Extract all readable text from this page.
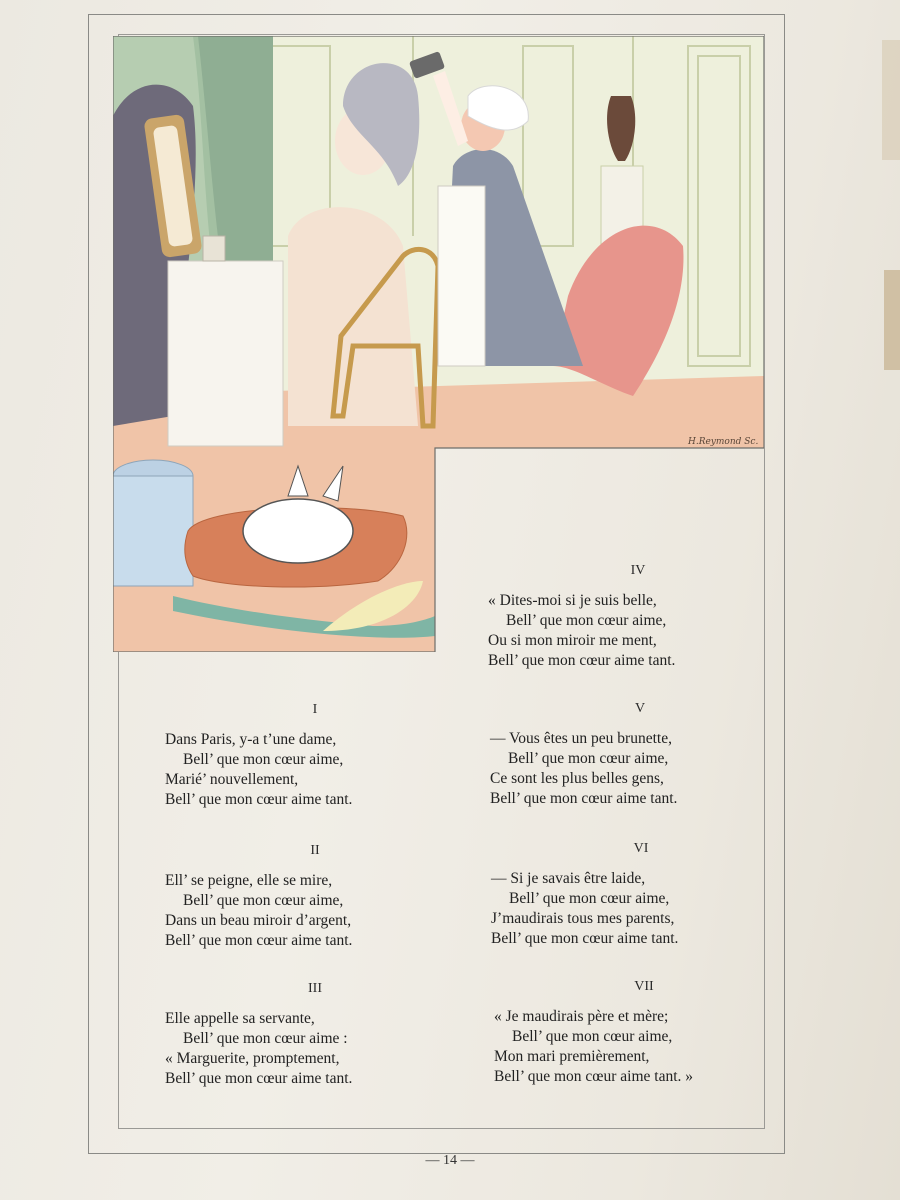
H.Reymond Sc.
I
Dans Paris, y-a t’une dame,
Bell’ que mon cœur aime,
Marié’ nouvellement,
Bell’ que mon cœur aime tant.
II
Ell’ se peigne, elle se mire,
Bell’ que mon cœur aime,
Dans un beau miroir d’argent,
Bell’ que mon cœur aime tant.
III
Elle appelle sa servante,
Bell’ que mon cœur aime :
« Marguerite, promptement,
Bell’ que mon cœur aime tant.
IV
« Dites-moi si je suis belle,
Bell’ que mon cœur aime,
Ou si mon miroir me ment,
Bell’ que mon cœur aime tant.
V
— Vous êtes un peu brunette,
Bell’ que mon cœur aime,
Ce sont les plus belles gens,
Bell’ que mon cœur aime tant.
VI
— Si je savais être laide,
Bell’ que mon cœur aime,
J’maudirais tous mes parents,
Bell’ que mon cœur aime tant.
VII
« Je maudirais père et mère;
Bell’ que mon cœur aime,
Mon mari premièrement,
Bell’ que mon cœur aime tant. »
— 14 —
